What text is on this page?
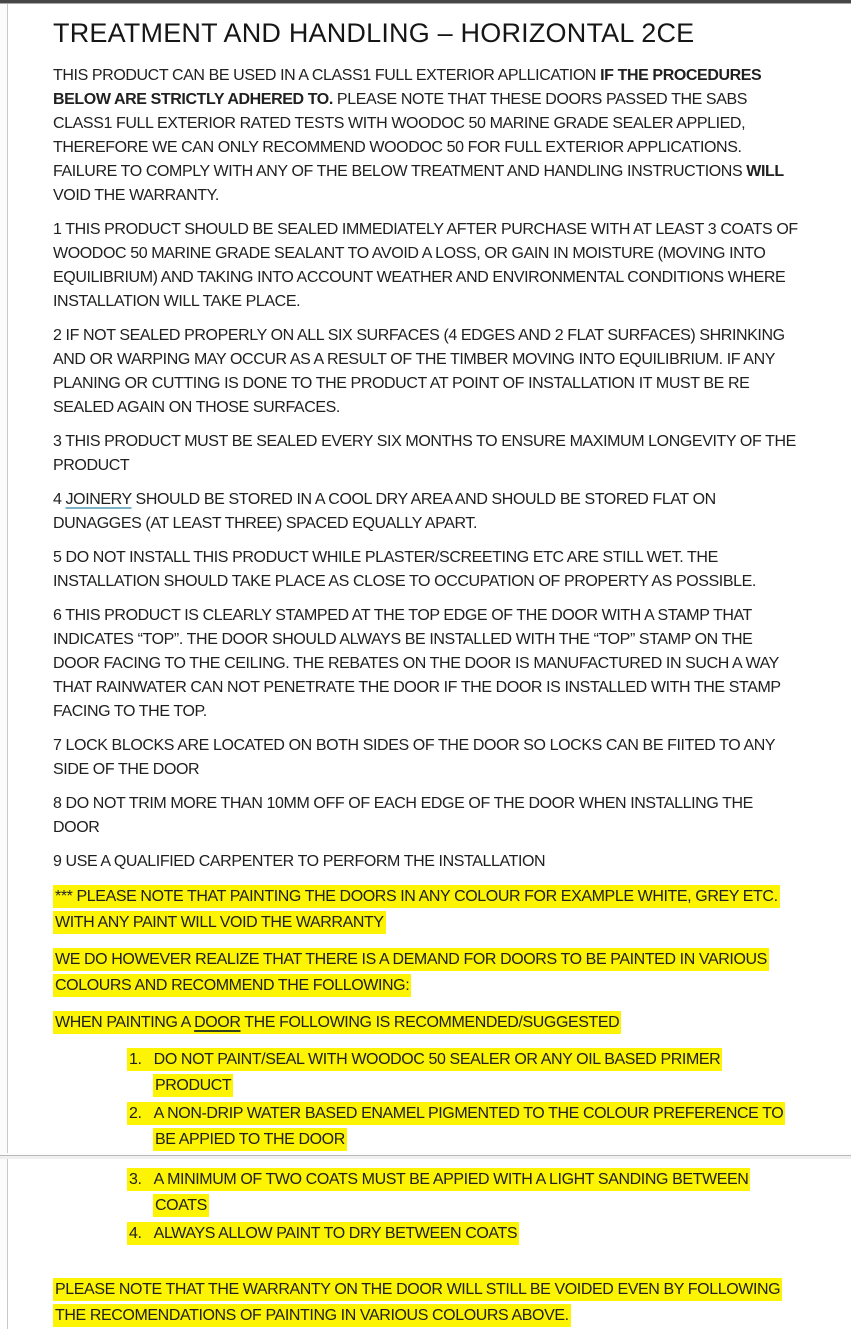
TREATMENT AND HANDLING – HORIZONTAL 2CE

THIS PRODUCT CAN BE USED IN A CLASS1 FULL EXTERIOR APLLICATION IF THE PROCEDURES BELOW ARE STRICTLY ADHERED TO. PLEASE NOTE THAT THESE DOORS PASSED THE SABS CLASS1 FULL EXTERIOR RATED TESTS WITH WOODOC 50 MARINE GRADE SEALER APPLIED, THEREFORE WE CAN ONLY RECOMMEND WOODOC 50 FOR FULL EXTERIOR APPLICATIONS. FAILURE TO COMPLY WITH ANY OF THE BELOW TREATMENT AND HANDLING INSTRUCTIONS WILL VOID THE WARRANTY.

1 THIS PRODUCT SHOULD BE SEALED IMMEDIATELY AFTER PURCHASE WITH AT LEAST 3 COATS OF WOODOC 50 MARINE GRADE SEALANT TO AVOID A LOSS, OR GAIN IN MOISTURE (MOVING INTO EQUILIBRIUM) AND TAKING INTO ACCOUNT WEATHER AND ENVIRONMENTAL CONDITIONS WHERE INSTALLATION WILL TAKE PLACE.

2 IF NOT SEALED PROPERLY ON ALL SIX SURFACES (4 EDGES AND 2 FLAT SURFACES) SHRINKING AND OR WARPING MAY OCCUR AS A RESULT OF THE TIMBER MOVING INTO EQUILIBRIUM. IF ANY PLANING OR CUTTING IS DONE TO THE PRODUCT AT POINT OF INSTALLATION IT MUST BE RE SEALED AGAIN ON THOSE SURFACES.

3 THIS PRODUCT MUST BE SEALED EVERY SIX MONTHS TO ENSURE MAXIMUM LONGEVITY OF THE PRODUCT

4 JOINERY SHOULD BE STORED IN A COOL DRY AREA AND SHOULD BE STORED FLAT ON DUNAGGES (AT LEAST THREE) SPACED EQUALLY APART.

5 DO NOT INSTALL THIS PRODUCT WHILE PLASTER/SCREETING ETC ARE STILL WET. THE INSTALLATION SHOULD TAKE PLACE AS CLOSE TO OCCUPATION OF PROPERTY AS POSSIBLE.

6 THIS PRODUCT IS CLEARLY STAMPED AT THE TOP EDGE OF THE DOOR WITH A STAMP THAT INDICATES “TOP”. THE DOOR SHOULD ALWAYS BE INSTALLED WITH THE “TOP” STAMP ON THE DOOR FACING TO THE CEILING. THE REBATES ON THE DOOR IS MANUFACTURED IN SUCH A WAY THAT RAINWATER CAN NOT PENETRATE THE DOOR IF THE DOOR IS INSTALLED WITH THE STAMP FACING TO THE TOP.

7 LOCK BLOCKS ARE LOCATED ON BOTH SIDES OF THE DOOR SO LOCKS CAN BE FIITED TO ANY SIDE OF THE DOOR

8 DO NOT TRIM MORE THAN 10MM OFF OF EACH EDGE OF THE DOOR WHEN INSTALLING THE DOOR

9 USE A QUALIFIED CARPENTER TO PERFORM THE INSTALLATION

*** PLEASE NOTE THAT PAINTING THE DOORS IN ANY COLOUR FOR EXAMPLE WHITE, GREY ETC. WITH ANY PAINT WILL VOID THE WARRANTY

WE DO HOWEVER REALIZE THAT THERE IS A DEMAND FOR DOORS TO BE PAINTED IN VARIOUS COLOURS AND RECOMMEND THE FOLLOWING:

WHEN PAINTING A DOOR THE FOLLOWING IS RECOMMENDED/SUGGESTED

1.   DO NOT PAINT/SEAL WITH WOODOC 50 SEALER OR ANY OIL BASED PRIMER PRODUCT
2.   A NON-DRIP WATER BASED ENAMEL PIGMENTED TO THE COLOUR PREFERENCE TO BE APPIED TO THE DOOR
3.   A MINIMUM OF TWO COATS MUST BE APPIED WITH A LIGHT SANDING BETWEEN COATS
4.   ALWAYS ALLOW PAINT TO DRY BETWEEN COATS

PLEASE NOTE THAT THE WARRANTY ON THE DOOR WILL STILL BE VOIDED EVEN BY FOLLOWING THE RECOMENDATIONS OF PAINTING IN VARIOUS COLOURS ABOVE.
